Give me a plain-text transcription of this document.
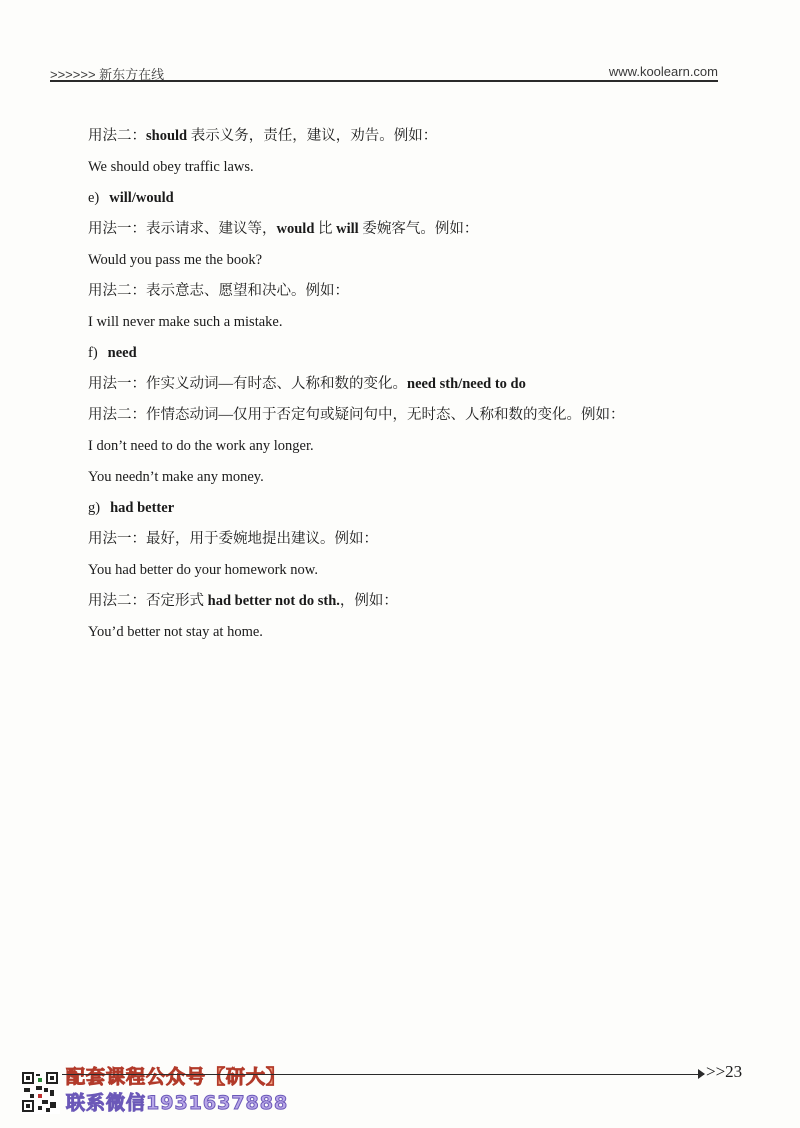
>>>>>> 新东方在线	www.koolearn.com
用法二：should 表示义务，责任，建议，劝告。例如：
We should obey traffic laws.
e) will/would
用法一：表示请求、建议等，would 比 will 委婉客气。例如：
Would you pass me the book?
用法二：表示意志、愿望和决心。例如：
I will never make such a mistake.
f) need
用法一：作实义动词—有时态、人称和数的变化。need sth/need to do
用法二：作情态动词—仅用于否定句或疑问句中，无时态、人称和数的变化。例如：
I don’t need to do the work any longer.
You needn’t make any money.
g) had better
用法一：最好，用于委婉地提出建议。例如：
You had better do your homework now.
用法二：否定形式 had better not do sth.，例如：
You’d better not stay at home.
配套课程公众号【研大】
联系微信1931637888
>>23
